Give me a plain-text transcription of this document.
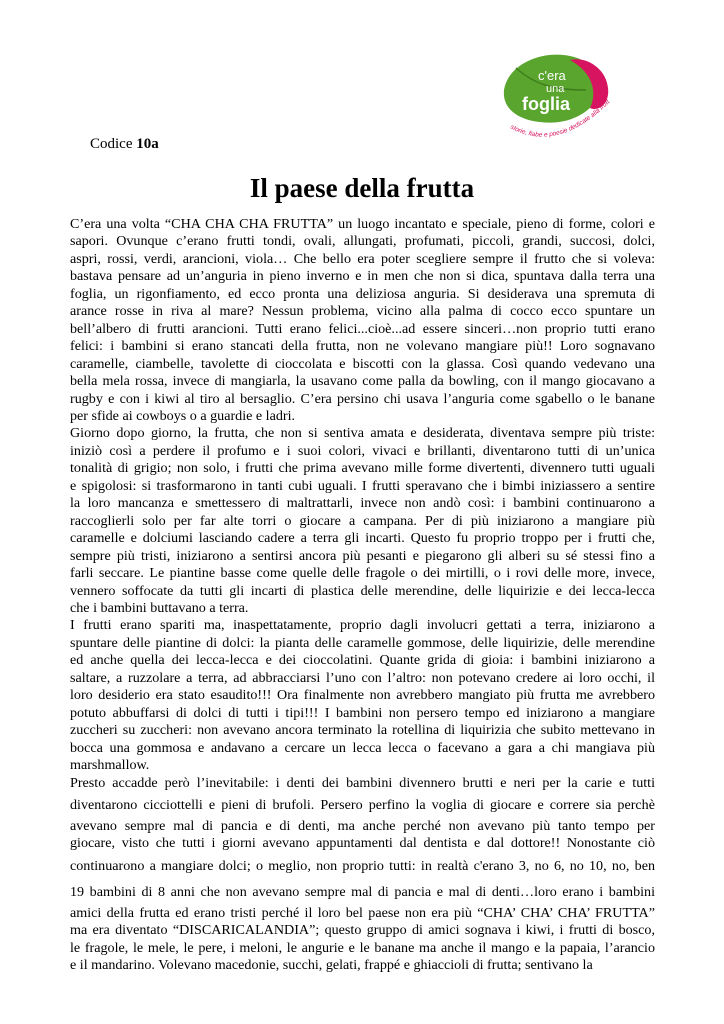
c'era
una
foglia
storie, fiabe e poesie dedicate alla frutt
Codice 10a
Il paese della frutta

C’era una volta “CHA CHA CHA FRUTTA” un luogo incantato e speciale, pieno di forme, colori e
sapori. Ovunque c’erano frutti tondi, ovali, allungati, profumati, piccoli, grandi, succosi, dolci,
aspri, rossi, verdi, arancioni, viola… Che bello era poter scegliere sempre il frutto che si voleva:
bastava pensare ad un’anguria in pieno inverno e in men che non si dica, spuntava dalla terra una
foglia, un rigonfiamento, ed ecco pronta una deliziosa anguria. Si desiderava una spremuta di
arance rosse in riva al mare? Nessun problema, vicino alla palma di cocco ecco spuntare un
bell’albero di frutti arancioni. Tutti erano felici...cioè...ad essere sinceri…non proprio tutti erano
felici: i bambini si erano stancati della frutta, non ne volevano mangiare più!! Loro sognavano
caramelle, ciambelle, tavolette di cioccolata e biscotti con la glassa. Così quando vedevano una
bella mela rossa, invece di mangiarla, la usavano come palla da bowling, con il mango giocavano a
rugby e con i kiwi al tiro al bersaglio. C’era persino chi usava l’anguria come sgabello o le banane
per sfide ai cowboys o a guardie e ladri.

Giorno dopo giorno, la frutta, che non si sentiva amata e desiderata, diventava sempre più triste:
iniziò così a perdere il profumo e i suoi colori, vivaci e brillanti, diventarono tutti di un’unica
tonalità di grigio; non solo, i frutti che prima avevano mille forme divertenti, divennero tutti uguali
e spigolosi: si trasformarono in tanti cubi uguali. I frutti speravano che i bimbi iniziassero a sentire
la loro mancanza e smettessero di maltrattarli, invece non andò così: i bambini continuarono a
raccoglierli solo per far alte torri o giocare a campana. Per di più iniziarono a mangiare più
caramelle e dolciumi lasciando cadere a terra gli incarti. Questo fu proprio troppo per i frutti che,
sempre più tristi, iniziarono a sentirsi ancora più pesanti e piegarono gli alberi su sé stessi fino a
farli seccare. Le piantine basse come quelle delle fragole o dei mirtilli, o i rovi delle more, invece,
vennero soffocate da tutti gli incarti di plastica delle merendine, delle liquirizie e dei lecca-lecca
che i bambini buttavano a terra.

I frutti erano spariti ma, inaspettatamente, proprio dagli involucri gettati a terra, iniziarono a
spuntare delle piantine di dolci: la pianta delle caramelle gommose, delle liquirizie, delle merendine
ed anche quella dei lecca-lecca e dei cioccolatini. Quante grida di gioia: i bambini iniziarono a
saltare, a ruzzolare a terra, ad abbracciarsi l’uno con l’altro: non potevano credere ai loro occhi, il
loro desiderio era stato esaudito!!! Ora finalmente non avrebbero mangiato più frutta me avrebbero
potuto abbuffarsi di dolci di tutti i tipi!!! I bambini non persero tempo ed iniziarono a mangiare
zuccheri su zuccheri: non avevano ancora terminato la rotellina di liquirizia che subito mettevano in
bocca una gommosa e andavano a cercare un lecca lecca o facevano a gara a chi mangiava più
marshmallow.

Presto accadde però l’inevitabile: i denti dei bambini divennero brutti e neri per la carie e tutti
diventarono cicciottelli e pieni di brufoli. Persero perfino la voglia di giocare e correre sia perchè
avevano sempre mal di pancia e di denti, ma anche perché non avevano più tanto tempo per
giocare, visto che tutti i giorni avevano appuntamenti dal dentista e dal dottore!! Nonostante ciò
continuarono a mangiare dolci; o meglio, non proprio tutti: in realtà c'erano 3, no 6, no 10, no, ben
19 bambini di 8 anni che non avevano sempre mal di pancia e mal di denti…loro erano i bambini
amici della frutta ed erano tristi perché il loro bel paese non era più “CHA’ CHA’ CHA’ FRUTTA”
ma era diventato “DISCARICALANDIA”; questo gruppo di amici sognava i kiwi, i frutti di bosco,
le fragole, le mele, le pere, i meloni, le angurie e le banane ma anche il mango e la papaia, l’arancio
e il mandarino. Volevano macedonie, succhi, gelati, frappé e ghiaccioli di frutta; sentivano la
